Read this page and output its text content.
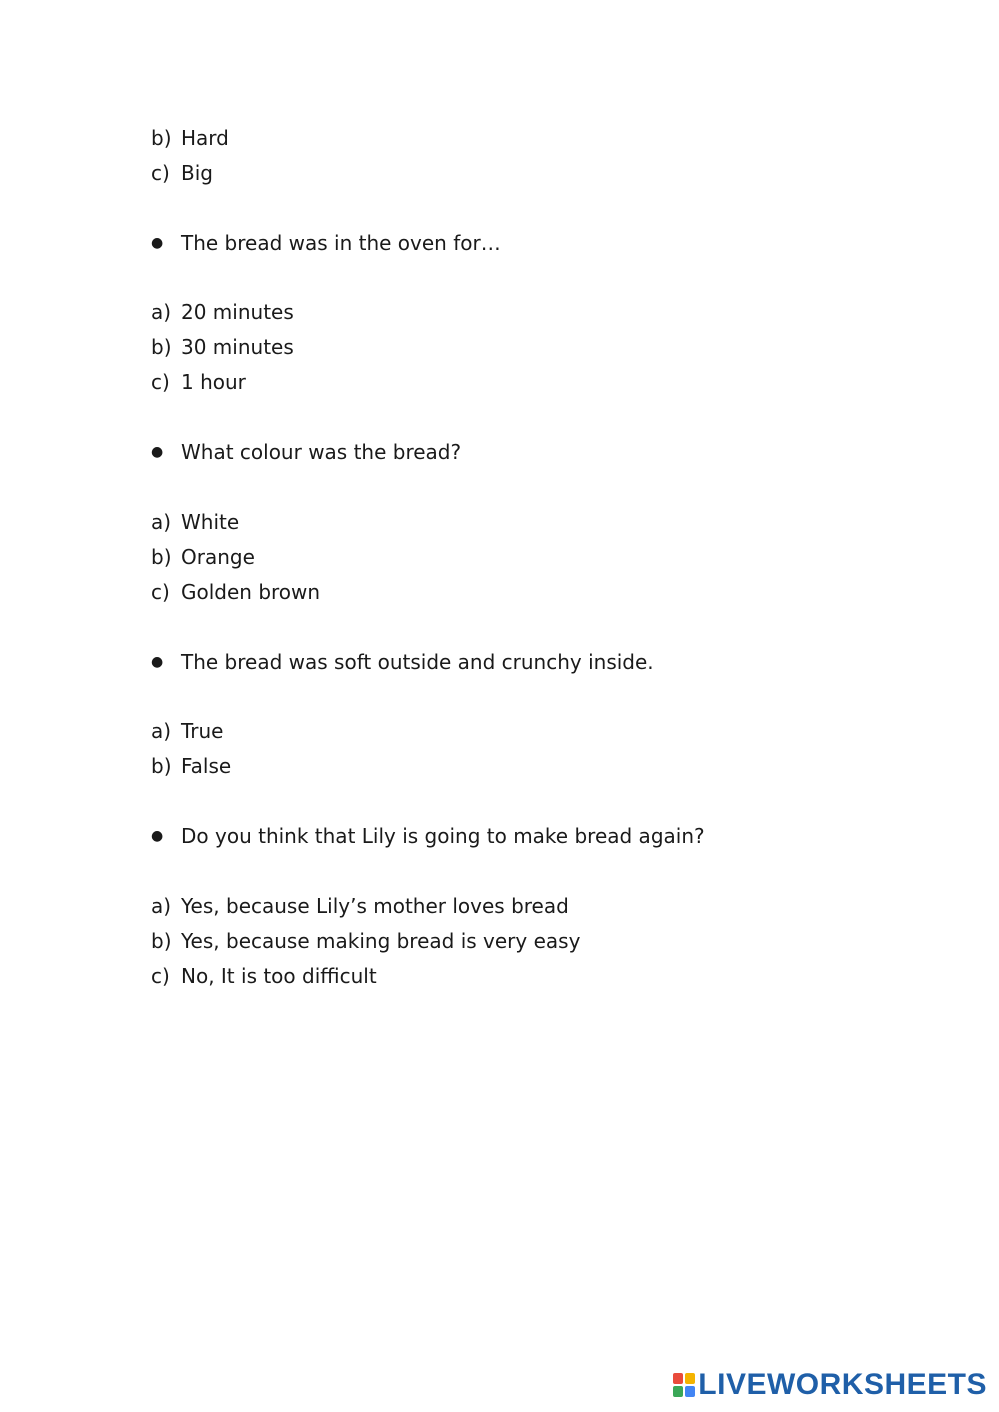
b) Hard
c) Big
● The bread was in the oven for…
a) 20 minutes
b) 30 minutes
c) 1 hour
● What colour was the bread?
a) White
b) Orange
c) Golden brown
● The bread was soft outside and crunchy inside.
a) True
b) False
● Do you think that Lily is going to make bread again?
a) Yes, because Lily’s mother loves bread
b) Yes, because making bread is very easy
c) No, It is too difficult
LIVEWORKSHEETS
